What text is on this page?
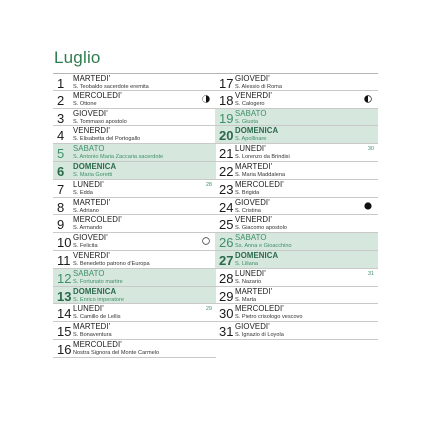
Luglio
1 MARTEDI'
S. Teobaldo sacerdote eremita
2 MERCOLEDI'
S. Ottone
3 GIOVEDI'
S. Tommaso apostolo
4 VENERDI'
S. Elisabetta del Portogallo
5 SABATO
S. Antonio Maria Zaccaria sacerdote
6 DOMENICA
S. Maria Goretti
7 LUNEDI'
S. Edda
28
8 MARTEDI'
S. Adriano
9 MERCOLEDI'
S. Armando
10 GIOVEDI'
S. Felicita
11 VENERDI'
S. Benedetto patrono d'Europa
12 SABATO
S. Fortunato martire
13 DOMENICA
S. Enrico imperatore
14 LUNEDI'
S. Camillo de Lellis
29
15 MARTEDI'
S. Bonaventura
16 MERCOLEDI'
Nostra Signora del Monte Carmelo
17 GIOVEDI'
S. Alessio di Roma
18 VENERDI'
S. Calogero
19 SABATO
S. Giusta
20 DOMENICA
S. Apollinare
21 LUNEDI'
S. Lorenzo da Brindisi
30
22 MARTEDI'
S. Maria Maddalena
23 MERCOLEDI'
S. Brigida
24 GIOVEDI'
S. Cristina
25 VENERDI'
S. Giacomo apostolo
26 SABATO
Ss. Anna e Gioacchino
27 DOMENICA
S. Liliana
28 LUNEDI'
S. Nazario
31
29 MARTEDI'
S. Marta
30 MERCOLEDI'
S. Pietro crisologo vescovo
31 GIOVEDI'
S. Ignazio di Loyola
